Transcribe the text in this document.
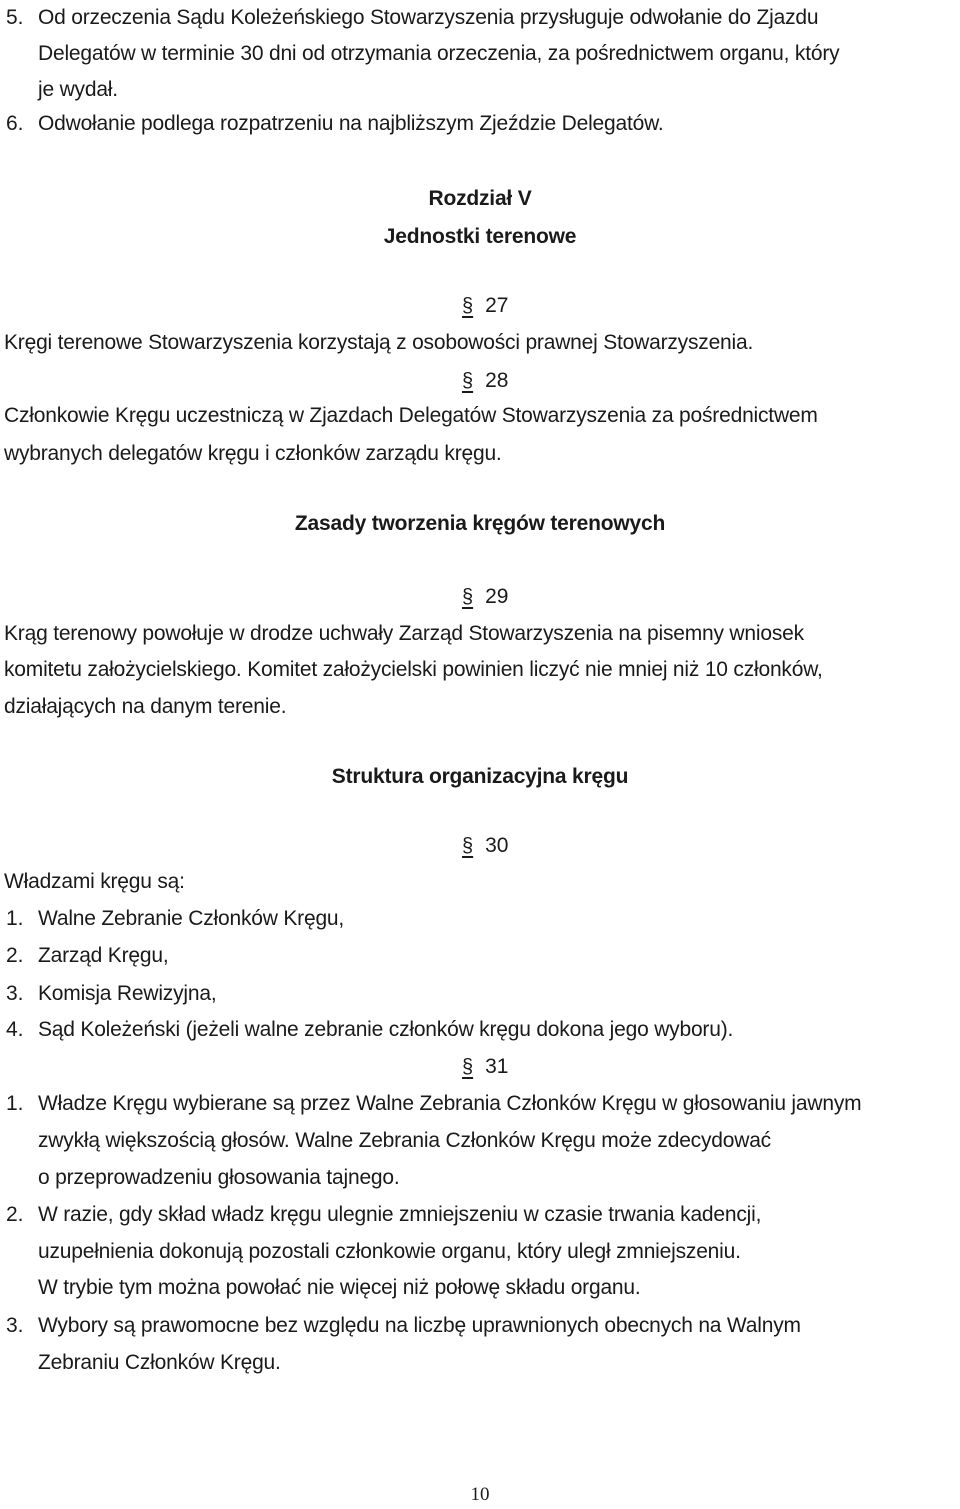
5. Od orzeczenia Sądu Koleżeńskiego Stowarzyszenia przysługuje odwołanie do Zjazdu
Delegatów w terminie 30 dni od otrzymania orzeczenia, za pośrednictwem organu, który
je wydał.
6. Odwołanie podlega rozpatrzeniu na najbliższym Zjeździe Delegatów.
Rozdział V
Jednostki terenowe
§ 27
Kręgi terenowe Stowarzyszenia korzystają z osobowości prawnej Stowarzyszenia.
§ 28
Członkowie Kręgu uczestniczą w Zjazdach Delegatów Stowarzyszenia za pośrednictwem
wybranych delegatów kręgu i członków zarządu kręgu.
Zasady tworzenia kręgów terenowych
§ 29
Krąg terenowy powołuje w drodze uchwały Zarząd Stowarzyszenia na pisemny wniosek
komitetu założycielskiego. Komitet założycielski powinien liczyć nie mniej niż 10 członków,
działających na danym terenie.
Struktura organizacyjna kręgu
§ 30
Władzami kręgu są:
1. Walne Zebranie Członków Kręgu,
2. Zarząd Kręgu,
3. Komisja Rewizyjna,
4. Sąd Koleżeński (jeżeli walne zebranie członków kręgu dokona jego wyboru).
§ 31
1. Władze Kręgu wybierane są przez Walne Zebrania Członków Kręgu w głosowaniu jawnym
zwykłą większością głosów. Walne Zebrania Członków Kręgu może zdecydować
o przeprowadzeniu głosowania tajnego.
2. W razie, gdy skład władz kręgu ulegnie zmniejszeniu w czasie trwania kadencji,
uzupełnienia dokonują pozostali członkowie organu, który uległ zmniejszeniu.
W trybie tym można powołać nie więcej niż połowę składu organu.
3. Wybory są prawomocne bez względu na liczbę uprawnionych obecnych na Walnym
Zebraniu Członków Kręgu.
10
